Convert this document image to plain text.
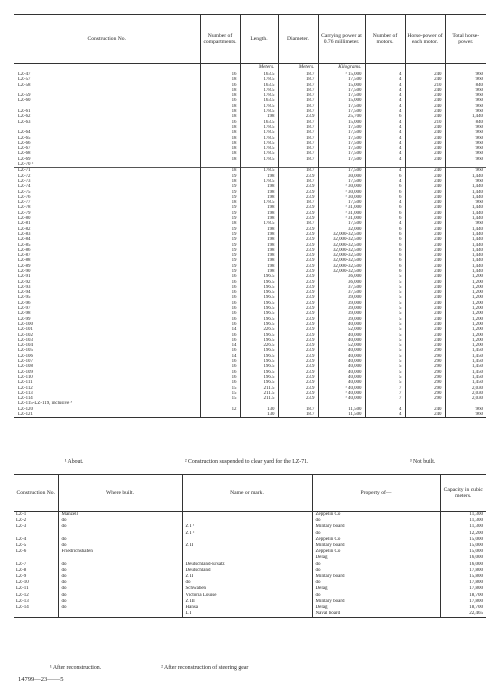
Construction No.	Number of compartments.	Length.	Diameter.	Carrying power at 0.76 millimeter.	Number of motors.	Horse-power of each motor.	Total horse-power.
		Meters.	Meters.	Kilograms.			
LZ-47	16	163.5	18.7	¹ 15,000	4	240	960
LZ-57	18	178.5	18.7	17,500	4	240	960
LZ-58	16	163.5	18.7	15,000	4	210	840
	18	178.5	18.7	17,500	4	240	960
LZ-59	18	178.5	18.7	17,500	4	240	960
LZ-60	16	163.5	18.7	15,000	4	240	960
	18	178.5	18.7	17,500	4	240	960
LZ-61	18	178.5	18.7	17,500	4	240	960
LZ-62	18	198	23.9	25,700	6	240	1,440
LZ-63	16	163.5	18.7	15,000	4	210	840
	18	178.5	18.7	17,500	4	240	960
LZ-64	18	178.5	18.7	17,500	4	240	960
LZ-65	18	178.5	18.7	17,500	4	240	960
LZ-66	18	178.5	18.7	17,500	4	240	960
LZ-67	18	178.5	18.7	17,500	4	240	960
LZ-68	18	178.5	18.7	17,500	4	240	960
LZ-69	18	178.5	18.7	17,500	4	240	960
LZ-70 ²							
LZ-71	18	178.5	18.7	17,500	4	240	960
LZ-72	19	198	23.9	30,000	6	240	1,440
LZ-73	18	178.5	18.7	17,500	4	240	960
LZ-74	19	198	23.9	¹ 30,000	6	240	1,440
LZ-75	19	198	23.9	¹ 30,000	6	240	1,440
LZ-76	19	198	23.9	¹ 30,000	6	240	1,440
LZ-77	18	178.5	18.7	17,500	4	240	960
LZ-78	19	198	23.9	¹ 31,000	6	240	1,440
LZ-79	19	198	23.9	¹ 31,000	6	240	1,440
LZ-80	19	198	23.9	¹ 31,000	6	240	1,440
LZ-81	18	178.5	18.7	17,500	4	240	960
LZ-82	19	198	23.9	32,000	6	240	1,440
LZ-83	19	198	23.9	32,000-32,500	6	240	1,440
LZ-84	19	198	23.9	32,000-32,500	6	240	1,440
LZ-85	19	198	23.9	32,000-32,500	6	240	1,440
LZ-86	19	198	23.9	32,000-32,500	6	240	1,440
LZ-87	19	198	23.9	32,000-32,500	6	240	1,440
LZ-88	19	198	23.9	32,000-32,500	6	240	1,440
LZ-89	19	198	23.9	32,000-32,500	6	240	1,440
LZ-90	19	198	23.9	32,000-32,500	6	240	1,440
LZ-91	16	196.5	23.9	36,000	5	240	1,200
LZ-92	16	196.5	23.9	36,000	5	240	1,200
LZ-93	16	196.5	23.9	37,500	5	240	1,200
LZ-94	16	196.5	23.9	37,500	5	240	1,200
LZ-95	16	196.5	23.9	39,000	5	240	1,200
LZ-96	16	196.5	23.9	39,000	5	240	1,200
LZ-97	16	196.5	23.9	39,000	5	240	1,200
LZ-98	16	196.5	23.9	39,000	5	240	1,200
LZ-99	16	196.5	23.9	39,000	5	240	1,200
LZ-100	16	196.5	23.9	40,000	5	240	1,200
LZ-101	14	226.5	23.9	52,000	5	240	1,200
LZ-102	16	196.5	23.9	40,000	5	240	1,200
LZ-103	16	196.5	23.9	40,000	5	240	1,200
LZ-104	14	226.5	23.9	52,000	5	240	1,200
LZ-105	16	196.5	23.9	40,000	5	290	1,450
LZ-106	14	196.5	23.9	40,000	5	290	1,450
LZ-107	16	196.5	23.9	40,000	5	290	1,450
LZ-108	16	196.5	23.9	40,000	5	290	1,450
LZ-109	16	196.5	23.9	40,000	5	290	1,450
LZ-110	16	196.5	23.9	40,000	5	290	1,450
LZ-111	16	196.5	23.9	40,000	5	290	1,450
LZ-112	15	211.5	23.9	¹ 40,000	7	290	2,030
LZ-113	15	211.5	23.9	¹ 40,000	7	290	2,030
LZ-114	15	211.5	23.9	¹ 40,000	7	290	2,030
LZ-115-LZ-119, inclusive ³							
LZ-120	12	130	18.7	11,500	4	240	960
LZ-121		130	18.7	11,500	4	240	960
¹ About.	² Construction suspended to clear yard for the LZ-71.	³ Not built.
Construction No.	Where built.	Name or mark.	Property of—	Capacity in cubic meters.
LZ-1	Manzell		Zeppelin Co	11,300
LZ-2	do		do	11,300
LZ-3	do	Z I ¹	Military board	11,300
		Z I ²	do	12,200
LZ-4	do		Zeppelin Co	15,000
LZ-5	do	Z II	Military board	15,000
LZ-6	Friedrichshafen		Zeppelin Co	15,000
			Delag	16,000
LZ-7	do	Deutschland-Ersatz	do	16,000
LZ-8	do	Deutschland	do	17,800
LZ-9	do	Z II	Military board	15,800
LZ-10	do	do	do	17,800
LZ-11	do	Schwaben	Delag	17,800
LZ-12	do	Victoria Louise	do	18,700
LZ-13	do	Z III	Military board	17,800
LZ-14	do	Hansa	Delag	18,700
		L I	Naval board	22,465
¹ After reconstruction.	² After reconstruction of steering gear
14799—23——5
